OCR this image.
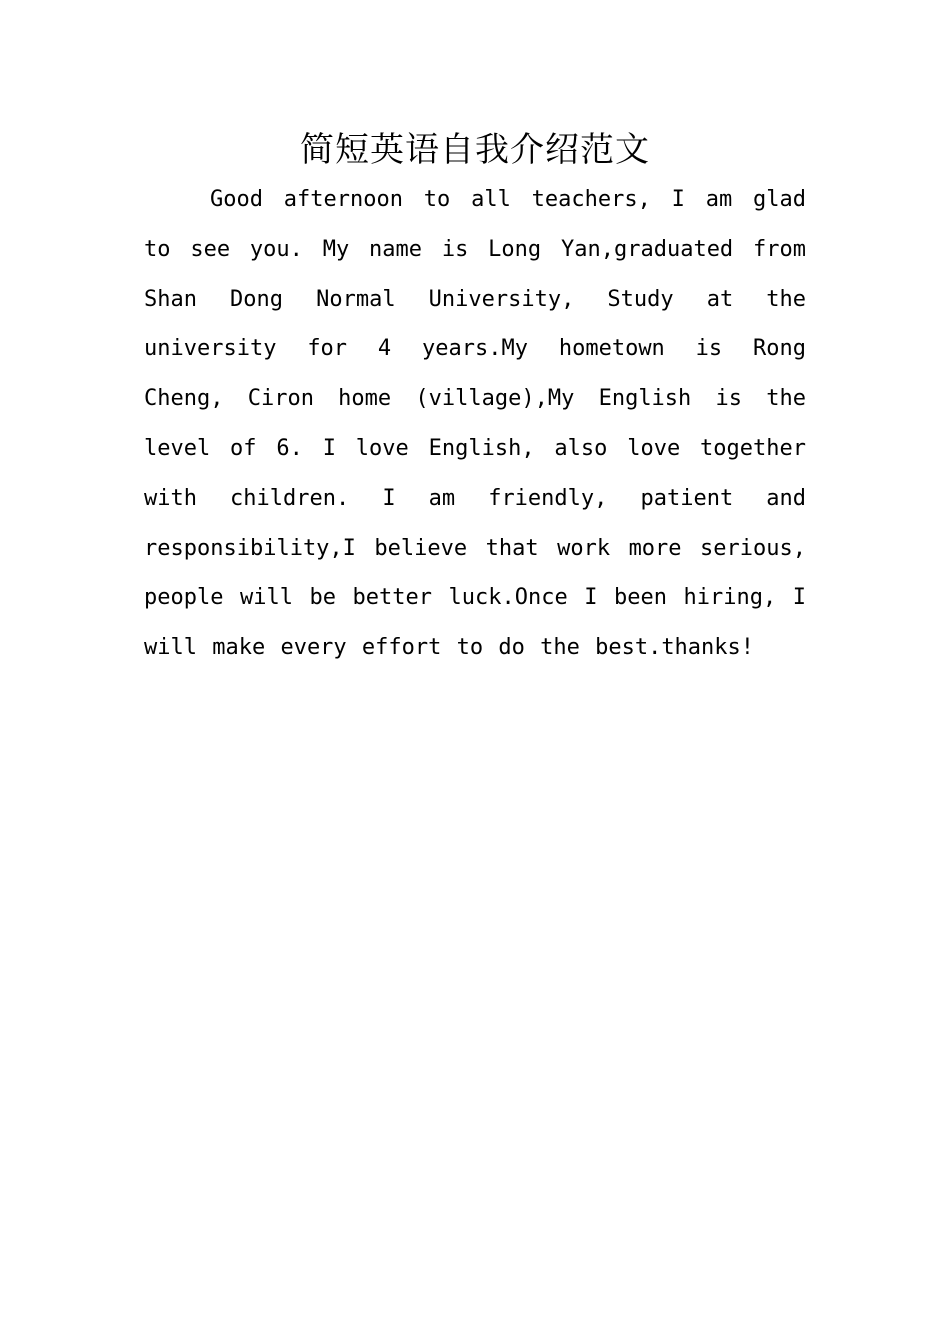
简短英语自我介绍范文

Good afternoon to all teachers, I am glad to see you. My name is Long Yan,graduated from Shan Dong Normal University, Study at the university for 4 years.My hometown is Rong Cheng, Ciron home (village),My English is the level of 6. I love English, also love together with children. I am friendly, patient and responsibility,I believe that work more serious, people will be better luck.Once I been hiring, I will make every effort to do the best.thanks!
